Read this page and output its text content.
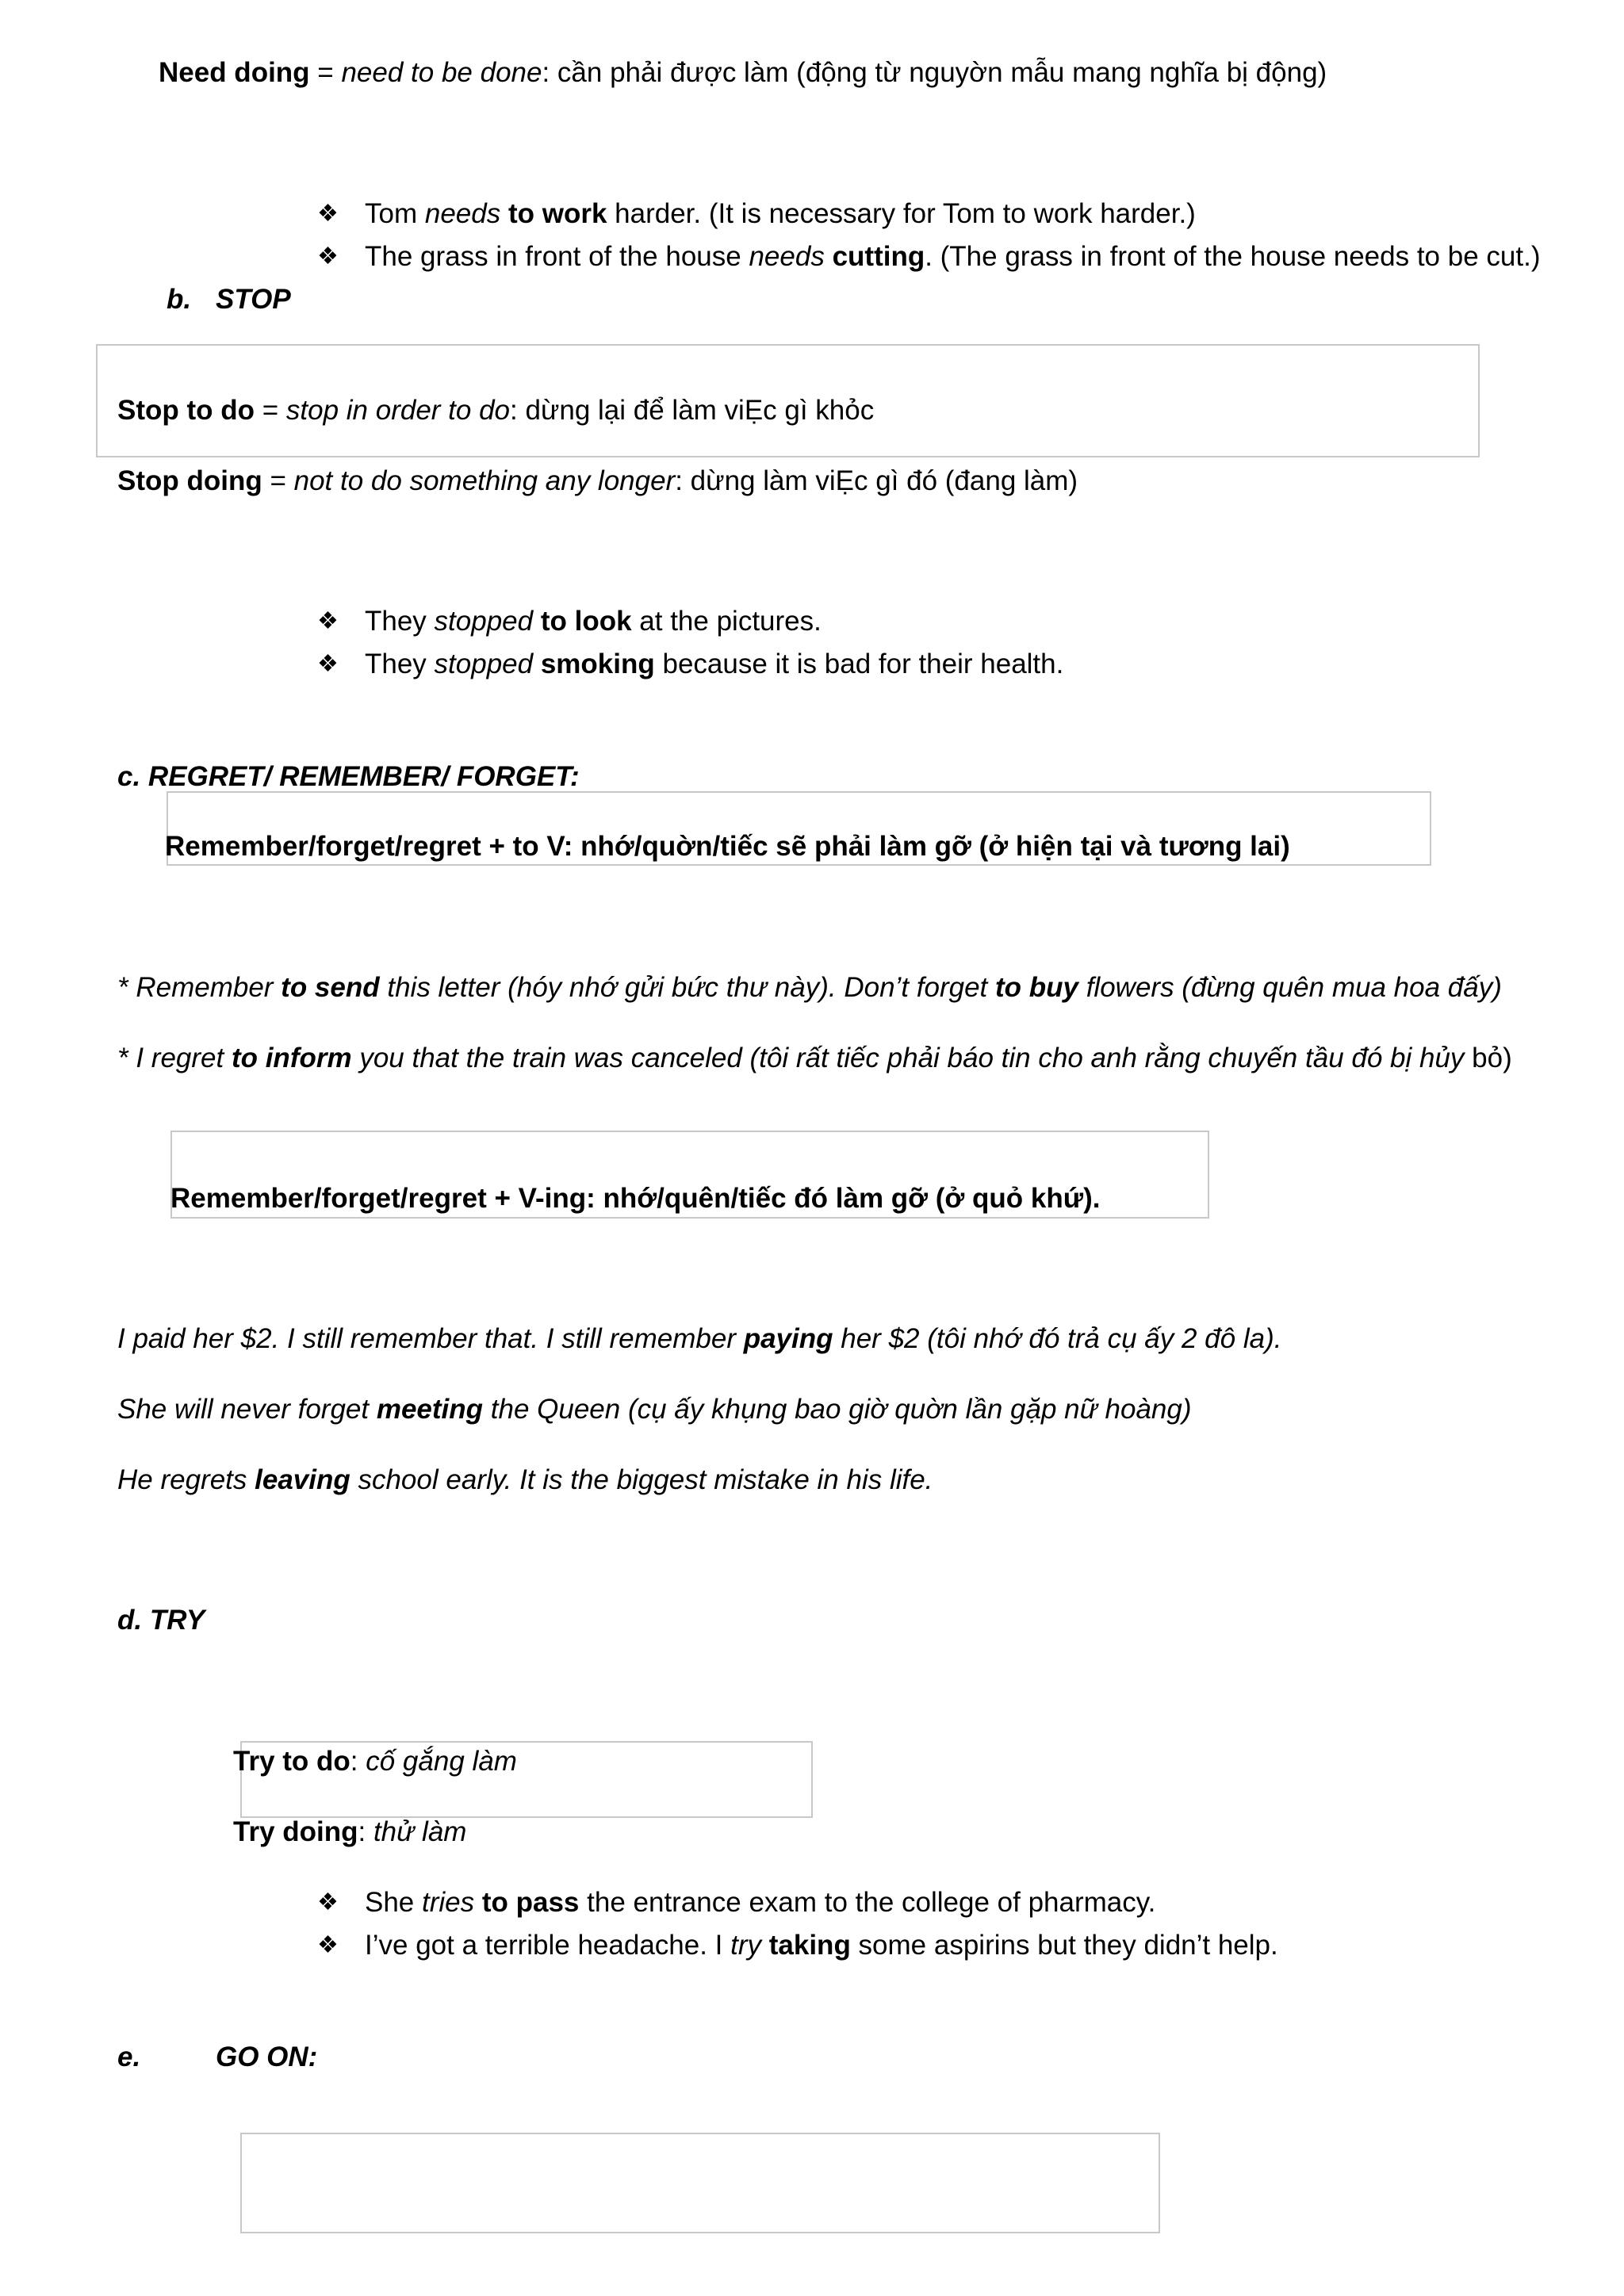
Need doing = need to be done: cần phải được làm (động từ nguyờn mẫu mang nghĩa bị động)
❖ Tom needs to work harder. (It is necessary for Tom to work harder.)
❖ The grass in front of the house needs cutting. (The grass in front of the house needs to be cut.)
b. STOP
Stop to do = stop in order to do: dừng lại để làm viẸc gì khỏc
Stop doing = not to do something any longer: dừng làm viẸc gì đó (đang làm)
❖ They stopped to look at the pictures.
❖ They stopped smoking because it is bad for their health.
c. REGRET/ REMEMBER/ FORGET:
Remember/forget/regret + to V: nhớ/quờn/tiếc sẽ phải làm gỡ (ở hiện tại và tương lai)
* Remember to send this letter (hóy nhớ gửi bức thư này). Don’t forget to buy flowers (đừng quên mua hoa đấy)
* I regret to inform you that the train was canceled (tôi rất tiếc phải báo tin cho anh rằng chuyến tầu đó bị hủy bỏ)
Remember/forget/regret + V-ing: nhớ/quên/tiếc đó làm gỡ (ở quỏ khứ).
I paid her $2. I still remember that. I still remember paying her $2 (tôi nhớ đó trả cụ ấy 2 đô la).
She will never forget meeting the Queen (cụ ấy khụng bao giờ quờn lần gặp nữ hoàng)
He regrets leaving school early. It is the biggest mistake in his life.
d. TRY
Try to do: cố gắng làm
Try doing: thử làm
❖ She tries to pass the entrance exam to the college of pharmacy.
❖ I’ve got a terrible headache. I try taking some aspirins but they didn’t help.
e.	GO ON:
